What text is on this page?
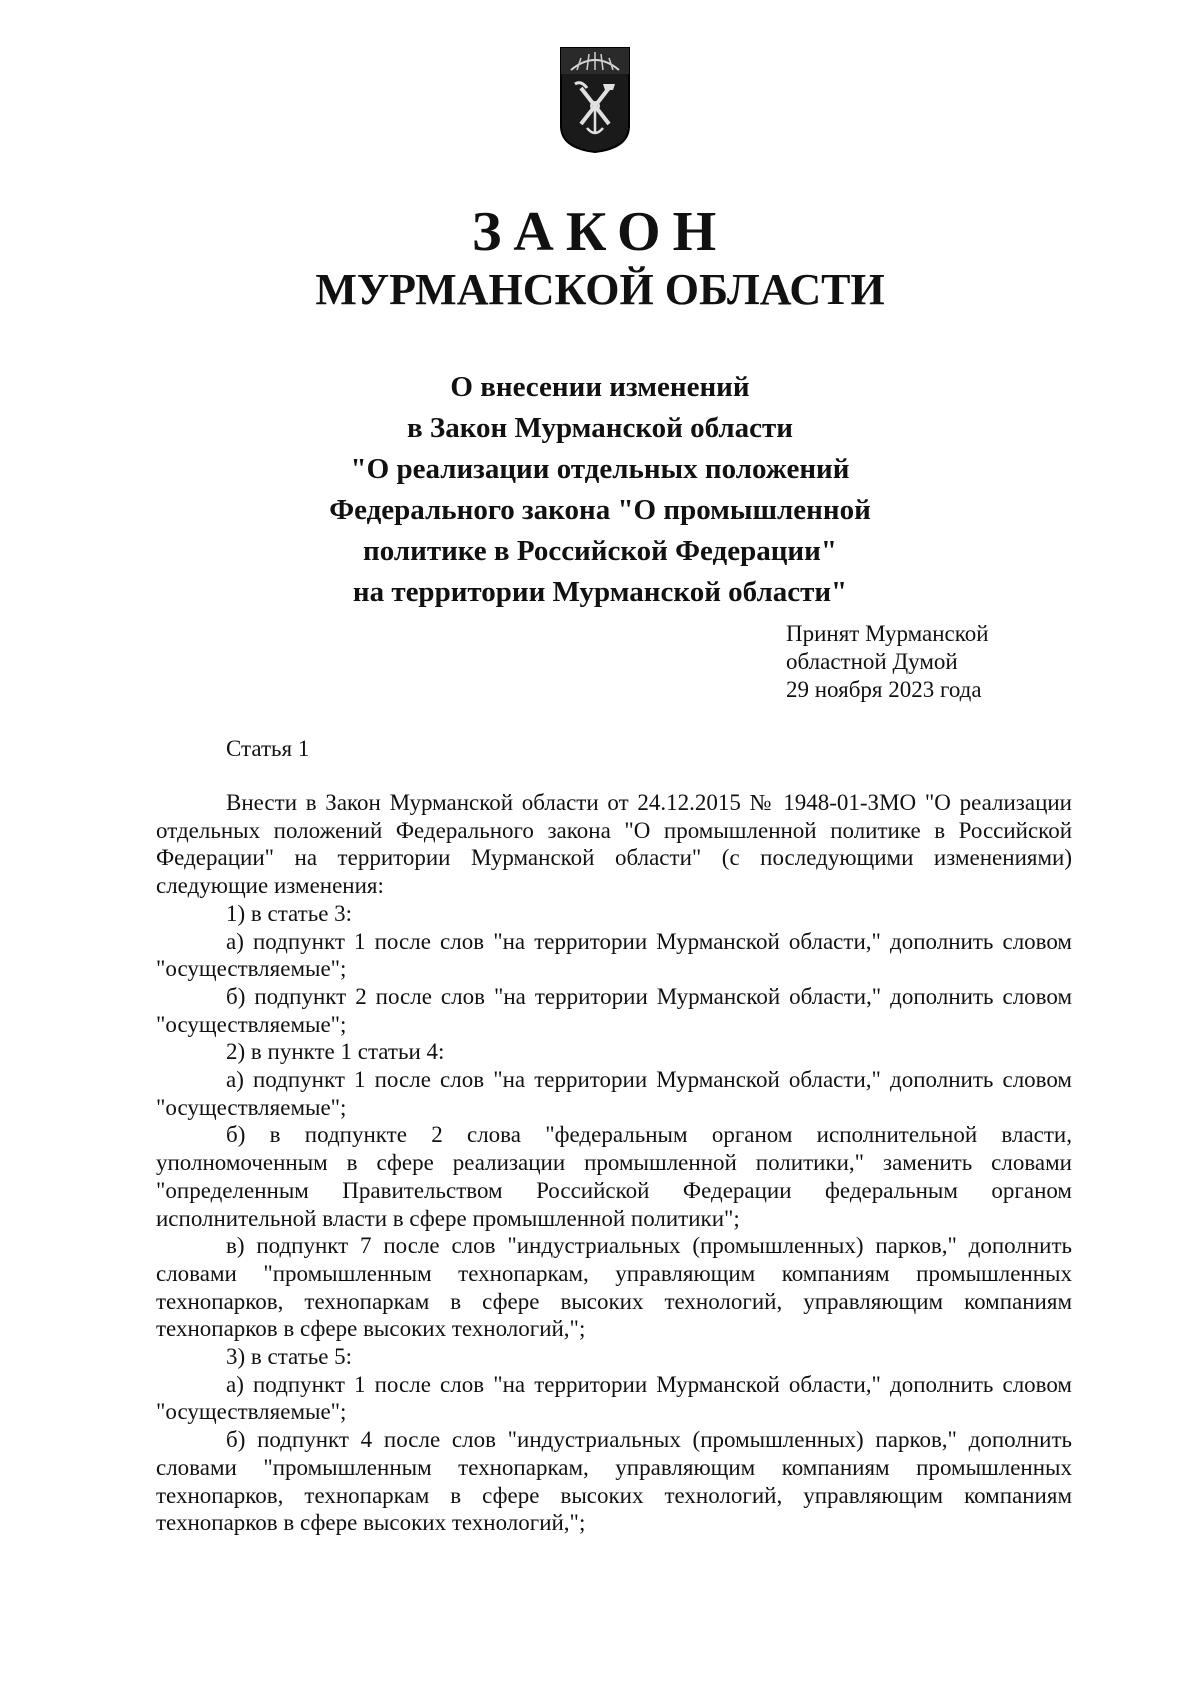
ЗАКОН
МУРМАНСКОЙ ОБЛАСТИ
О внесении изменений
в Закон Мурманской области
"О реализации отдельных положений
Федерального закона "О промышленной
политике в Российской Федерации"
на территории Мурманской области"
Принят Мурманской
областной Думой
29 ноября 2023 года
Статья 1

Внести в Закон Мурманской области от 24.12.2015 № 1948-01-ЗМО "О реализации отдельных положений Федерального закона "О промышленной политике в Российской Федерации" на территории Мурманской области" (с последующими изменениями) следующие изменения:

1) в статье 3:

а) подпункт 1 после слов "на территории Мурманской области," дополнить словом "осуществляемые";

б) подпункт 2 после слов "на территории Мурманской области," дополнить словом "осуществляемые";

2) в пункте 1 статьи 4:

а) подпункт 1 после слов "на территории Мурманской области," дополнить словом "осуществляемые";

б) в подпункте 2 слова "федеральным органом исполнительной власти, уполномоченным в сфере реализации промышленной политики," заменить словами "определенным Правительством Российской Федерации федеральным органом исполнительной власти в сфере промышленной политики";

в) подпункт 7 после слов "индустриальных (промышленных) парков," дополнить словами "промышленным технопаркам, управляющим компаниям промышленных технопарков, технопаркам в сфере высоких технологий, управляющим компаниям технопарков в сфере высоких технологий,";

3) в статье 5:

а) подпункт 1 после слов "на территории Мурманской области," дополнить словом "осуществляемые";

б) подпункт 4 после слов "индустриальных (промышленных) парков," дополнить словами "промышленным технопаркам, управляющим компаниям промышленных технопарков, технопаркам в сфере высоких технологий, управляющим компаниям технопарков в сфере высоких технологий,";
